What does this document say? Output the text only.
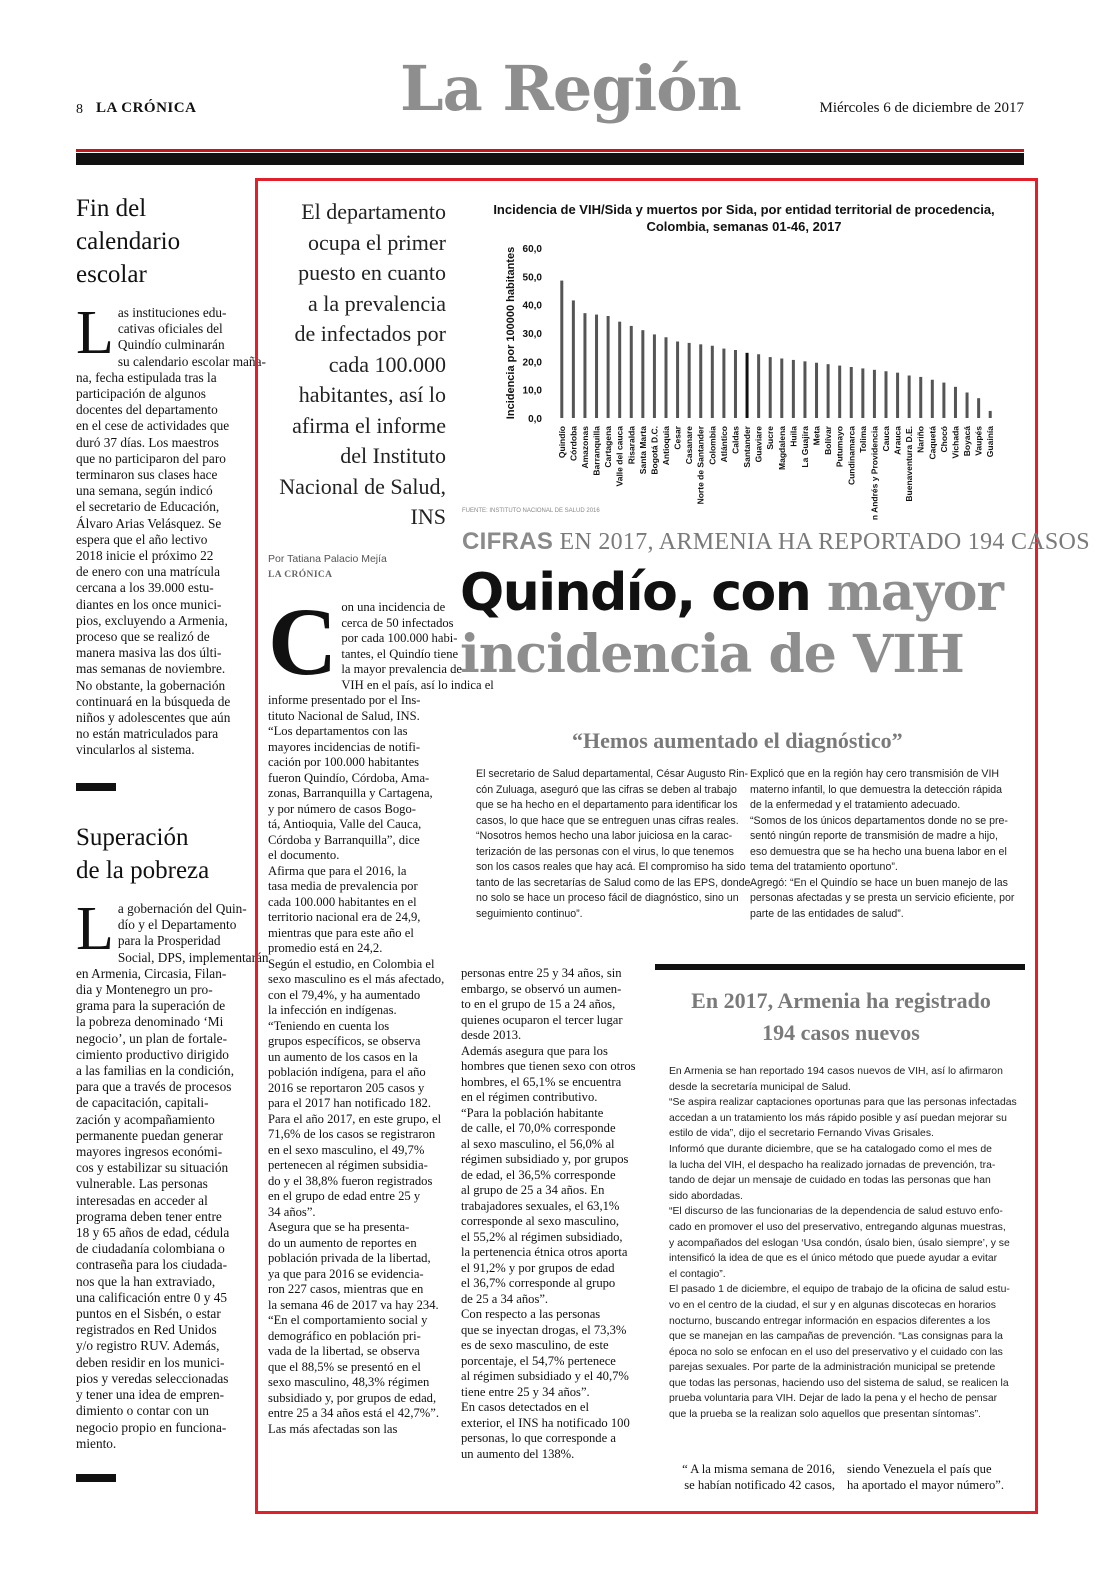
8 LA CRÓNICA	La Región	Miércoles 6 de diciembre de 2017
Fin del
calendario
escolar
L as instituciones edu-
cativas oficiales del
Quindío culminarán
su calendario escolar maña-
na, fecha estipulada tras la
participación de algunos
docentes del departamento
en el cese de actividades que
duró 37 días. Los maestros
que no participaron del paro
terminaron sus clases hace
una semana, según indicó
el secretario de Educación,
Álvaro Arias Velásquez. Se
espera que el año lectivo
2018 inicie el próximo 22
de enero con una matrícula
cercana a los 39.000 estu-
diantes en los once munici-
pios, excluyendo a Armenia,
proceso que se realizó de
manera masiva las dos últi-
mas semanas de noviembre.
No obstante, la gobernación
continuará en la búsqueda de
niños y adolescentes que aún
no están matriculados para
vincularlos al sistema.
Superación
de la pobreza
L a gobernación del Quin-
dío y el Departamento
para la Prosperidad
Social, DPS, implementarán
en Armenia, Circasia, Filan-
dia y Montenegro un pro-
grama para la superación de
la pobreza denominado ‘Mi
negocio’, un plan de fortale-
cimiento productivo dirigido
a las familias en la condición,
para que a través de procesos
de capacitación, capitali-
zación y acompañamiento
permanente puedan generar
mayores ingresos económi-
cos y estabilizar su situación
vulnerable. Las personas
interesadas en acceder al
programa deben tener entre
18 y 65 años de edad, cédula
de ciudadanía colombiana o
contraseña para los ciudada-
nos que la han extraviado,
una calificación entre 0 y 45
puntos en el Sisbén, o estar
registrados en Red Unidos
y/o registro RUV. Además,
deben residir en los munici-
pios y veredas seleccionadas
y tener una idea de empren-
dimiento o contar con un
negocio propio en funciona-
miento.
El departamento
ocupa el primer
puesto en cuanto
a la prevalencia
de infectados por
cada 100.000
habitantes, así lo
afirma el informe
del Instituto
Nacional de Salud,
INS
Por Tatiana Palacio Mejía
LA CRÓNICA
Incidencia de VIH/Sida y muertos por Sida, por entidad territorial de procedencia,
Colombia, semanas 01-46, 2017
Incidencia por 100000 habitantes 60,0
50,0
40,0
30,0
20,0
10,0
0,0
Quindío Córdoba Amazonas Barranquilla Cartagena Valle del cauca Risaralda Santa Marta Bogotá D.C. Antioquia Cesar Casanare Norte de Santander Colombia Atlántico Caldas Santander Guaviare Sucre Magdalena Huila La Guajira Meta Bolívar Putumayo Cundinamarca Tolima San Andrés y Providencia Cauca Arauca Buenaventura D.E. Nariño Caquetá Chocó Vichada Boyacá Vaupés Guainía
FUENTE: INSTITUTO NACIONAL DE SALUD 2016
CIFRAS EN 2017, ARMENIA HA REPORTADO 194 CASOS
Quindío, con mayor
incidencia de VIH
“Hemos aumentado el diagnóstico”
C on una incidencia de
cerca de 50 infectados
por cada 100.000 habi-
tantes, el Quindío tiene
la mayor prevalencia de
VIH en el país, así lo indica el
informe presentado por el Ins-
tituto Nacional de Salud, INS.
“Los departamentos con las
mayores incidencias de notifi-
cación por 100.000 habitantes
fueron Quindío, Córdoba, Ama-
zonas, Barranquilla y Cartagena,
y por número de casos Bogo-
tá, Antioquia, Valle del Cauca,
Córdoba y Barranquilla”, dice
el documento.
Afirma que para el 2016, la
tasa media de prevalencia por
cada 100.000 habitantes en el
territorio nacional era de 24,9,
mientras que para este año el
promedio está en 24,2.
Según el estudio, en Colombia el
sexo masculino es el más afectado,
con el 79,4%, y ha aumentado
la infección en indígenas.
“Teniendo en cuenta los
grupos específicos, se observa
un aumento de los casos en la
población indígena, para el año
2016 se reportaron 205 casos y
para el 2017 han notificado 182.
Para el año 2017, en este grupo, el
71,6% de los casos se registraron
en el sexo masculino, el 49,7%
pertenecen al régimen subsidia-
do y el 38,8% fueron registrados
en el grupo de edad entre 25 y
34 años”.
Asegura que se ha presenta-
do un aumento de reportes en
población privada de la libertad,
ya que para 2016 se evidencia-
ron 227 casos, mientras que en
la semana 46 de 2017 va hay 234.
“En el comportamiento social y
demográfico en población pri-
vada de la libertad, se observa
que el 88,5% se presentó en el
sexo masculino, 48,3% régimen
subsidiado y, por grupos de edad,
entre 25 a 34 años está el 42,7%”.
Las más afectadas son las
personas entre 25 y 34 años, sin
embargo, se observó un aumen-
to en el grupo de 15 a 24 años,
quienes ocuparon el tercer lugar
desde 2013.
Además asegura que para los
hombres que tienen sexo con otros
hombres, el 65,1% se encuentra
en el régimen contributivo.
“Para la población habitante
de calle, el 70,0% corresponde
al sexo masculino, el 56,0% al
régimen subsidiado y, por grupos
de edad, el 36,5% corresponde
al grupo de 25 a 34 años. En
trabajadores sexuales, el 63,1%
corresponde al sexo masculino,
el 55,2% al régimen subsidiado,
la pertenencia étnica otros aporta
el 91,2% y por grupos de edad
el 36,7% corresponde al grupo
de 25 a 34 años”.
Con respecto a las personas
que se inyectan drogas, el 73,3%
es de sexo masculino, de este
porcentaje, el 54,7% pertenece
al régimen subsidiado y el 40,7%
tiene entre 25 y 34 años”.
En casos detectados en el
exterior, el INS ha notificado 100
personas, lo que corresponde a
un aumento del 138%.
El secretario de Salud departamental, César Augusto Rin-
cón Zuluaga, aseguró que las cifras se deben al trabajo
que se ha hecho en el departamento para identificar los
casos, lo que hace que se entreguen unas cifras reales.
“Nosotros hemos hecho una labor juiciosa en la carac-
terización de las personas con el virus, lo que tenemos
son los casos reales que hay acá. El compromiso ha sido
tanto de las secretarías de Salud como de las EPS, donde
no solo se hace un proceso fácil de diagnóstico, sino un
seguimiento continuo”.
Explicó que en la región hay cero transmisión de VIH
materno infantil, lo que demuestra la detección rápida
de la enfermedad y el tratamiento adecuado.
“Somos de los únicos departamentos donde no se pre-
sentó ningún reporte de transmisión de madre a hijo,
eso demuestra que se ha hecho una buena labor en el
tema del tratamiento oportuno”.
Agregó: “En el Quindío se hace un buen manejo de las
personas afectadas y se presta un servicio eficiente, por
parte de las entidades de salud”.
En 2017, Armenia ha registrado
194 casos nuevos
En Armenia se han reportado 194 casos nuevos de VIH, así lo afirmaron
desde la secretaría municipal de Salud.
“Se aspira realizar captaciones oportunas para que las personas infectadas
accedan a un tratamiento los más rápido posible y así puedan mejorar su
estilo de vida”, dijo el secretario Fernando Vivas Grisales.
Informó que durante diciembre, que se ha catalogado como el mes de
la lucha del VIH, el despacho ha realizado jornadas de prevención, tra-
tando de dejar un mensaje de cuidado en todas las personas que han
sido abordadas.
“El discurso de las funcionarias de la dependencia de salud estuvo enfo-
cado en promover el uso del preservativo, entregando algunas muestras,
y acompañados del eslogan ‘Usa condón, úsalo bien, úsalo siempre’, y se
intensificó la idea de que es el único método que puede ayudar a evitar
el contagio”.
El pasado 1 de diciembre, el equipo de trabajo de la oficina de salud estu-
vo en el centro de la ciudad, el sur y en algunas discotecas en horarios
nocturno, buscando entregar información en espacios diferentes a los
que se manejan en las campañas de prevención. “Las consignas para la
época no solo se enfocan en el uso del preservativo y el cuidado con las
parejas sexuales. Por parte de la administración municipal se pretende
que todas las personas, haciendo uso del sistema de salud, se realicen la
prueba voluntaria para VIH. Dejar de lado la pena y el hecho de pensar
que la prueba se la realizan solo aquellos que presentan síntomas”.
“ A la misma semana de 2016,
se habían notificado 42 casos,
siendo Venezuela el país que
ha aportado el mayor número”.
